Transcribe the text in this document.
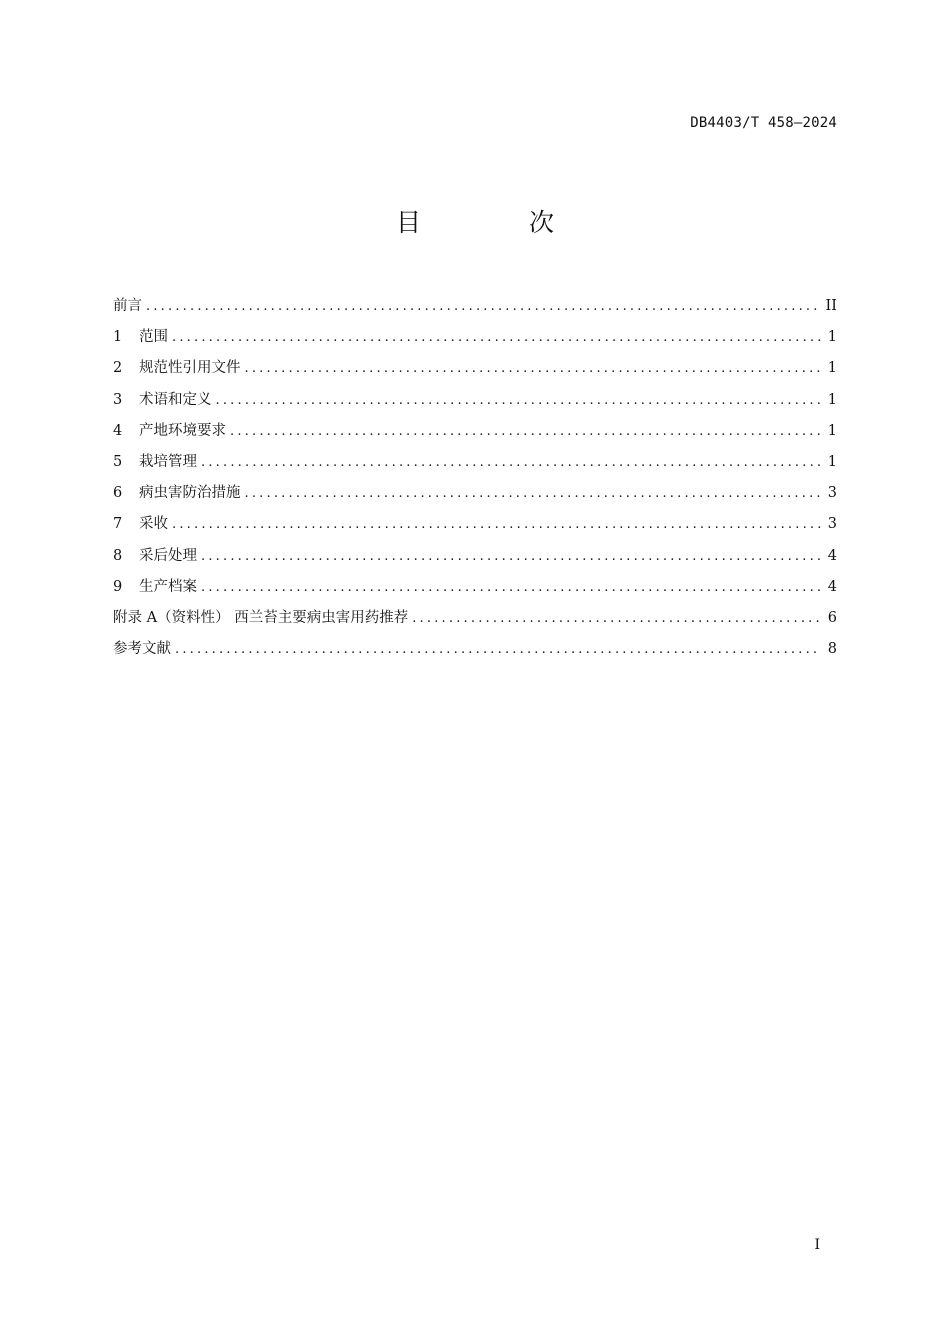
DB4403/T 458—2024
目 次
前言 .....	II
1	范围 .....	1
2	规范性引用文件 .....	1
3	术语和定义 .....	1
4	产地环境要求 .....	1
5	栽培管理 .....	1
6	病虫害防治措施 .....	3
7	采收 .....	3
8	采后处理 .....	4
9	生产档案 .....	4
附录 A（资料性） 西兰苔主要病虫害用药推荐 .....	6
参考文献 .....	8
I
